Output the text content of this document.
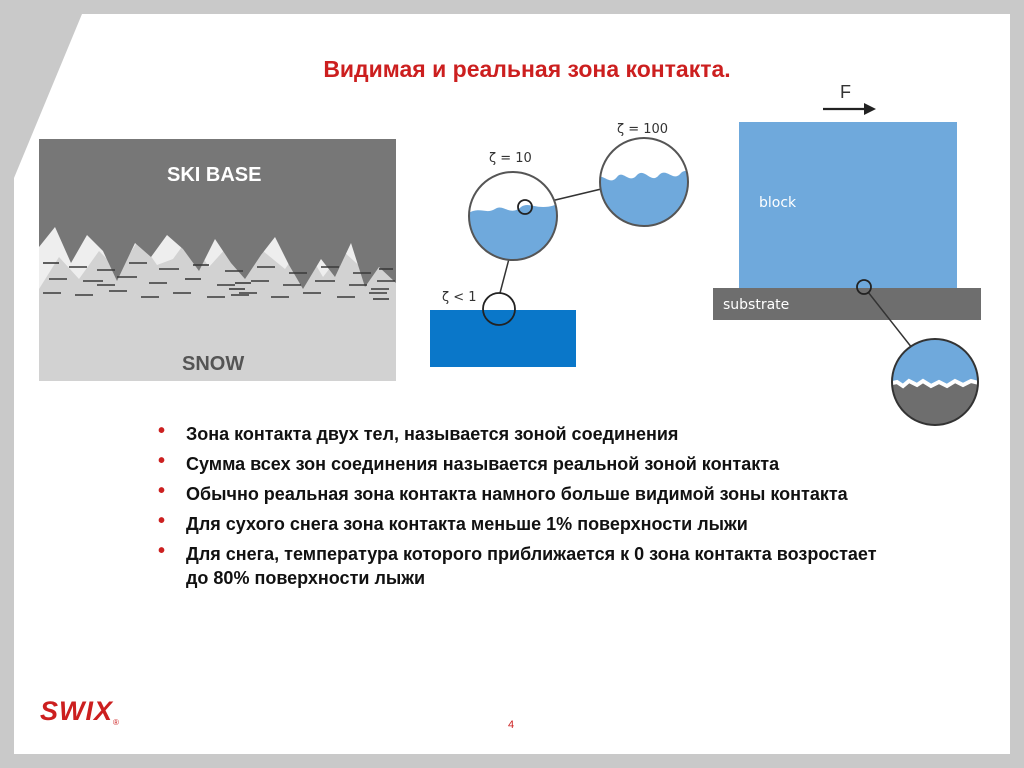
Видимая и реальная зона контакта.
SKI BASE
SNOW
ζ = 10
ζ = 100
ζ < 1
F
block
substrate
• Зона контакта двух тел, называется зоной соединения
• Сумма всех зон соединения называется реальной зоной контакта
• Обычно реальная зона контакта намного больше видимой зоны контакта
• Для сухого снега зона контакта меньше 1% поверхности лыжи
• Для снега, температура которого приближается к 0 зона контакта возростает до 80% поверхности лыжи
SWIX®	4
